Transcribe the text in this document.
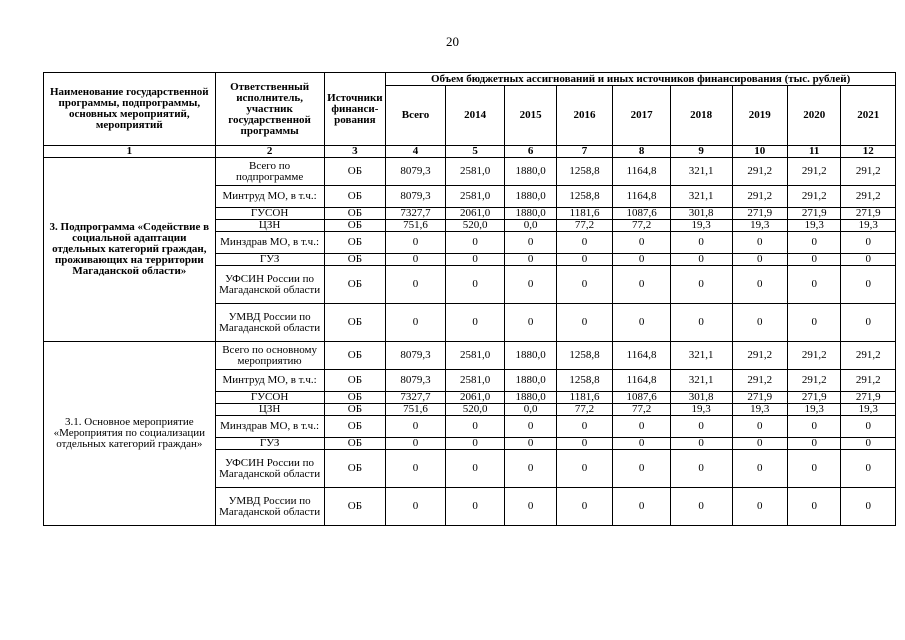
20
Наименование государственной программы, подпрограммы, основных мероприятий, мероприятий	Ответственный исполнитель, участник государственной программы	Источники финанси-рования	Объем бюджетных ассигнований и иных источников финансирования (тыс. рублей)								
			Всего	2014	2015	2016	2017	2018	2019	2020	2021
1	2	3	4	5	6	7	8	9	10	11	12
3. Подпрограмма «Содействие в социальной адаптации отдельных категорий граждан, проживающих на территории Магаданской области»	Всего по подпрограмме	ОБ	8079,3	2581,0	1880,0	1258,8	1164,8	321,1	291,2	291,2	291,2
	Минтруд МО, в т.ч.:	ОБ	8079,3	2581,0	1880,0	1258,8	1164,8	321,1	291,2	291,2	291,2
	ГУСОН	ОБ	7327,7	2061,0	1880,0	1181,6	1087,6	301,8	271,9	271,9	271,9
	ЦЗН	ОБ	751,6	520,0	0,0	77,2	77,2	19,3	19,3	19,3	19,3
	Минздрав МО, в т.ч.:	ОБ	0	0	0	0	0	0	0	0	0
	ГУЗ	ОБ	0	0	0	0	0	0	0	0	0
	УФСИН России по Магаданской области	ОБ	0	0	0	0	0	0	0	0	0
	УМВД России по Магаданской области	ОБ	0	0	0	0	0	0	0	0	0
3.1. Основное мероприятие «Мероприятия по социализации отдельных категорий граждан»	Всего по основному мероприятию	ОБ	8079,3	2581,0	1880,0	1258,8	1164,8	321,1	291,2	291,2	291,2
	Минтруд МО, в т.ч.:	ОБ	8079,3	2581,0	1880,0	1258,8	1164,8	321,1	291,2	291,2	291,2
	ГУСОН	ОБ	7327,7	2061,0	1880,0	1181,6	1087,6	301,8	271,9	271,9	271,9
	ЦЗН	ОБ	751,6	520,0	0,0	77,2	77,2	19,3	19,3	19,3	19,3
	Минздрав МО, в т.ч.:	ОБ	0	0	0	0	0	0	0	0	0
	ГУЗ	ОБ	0	0	0	0	0	0	0	0	0
	УФСИН России по Магаданской области	ОБ	0	0	0	0	0	0	0	0	0
	УМВД России по Магаданской области	ОБ	0	0	0	0	0	0	0	0	0
